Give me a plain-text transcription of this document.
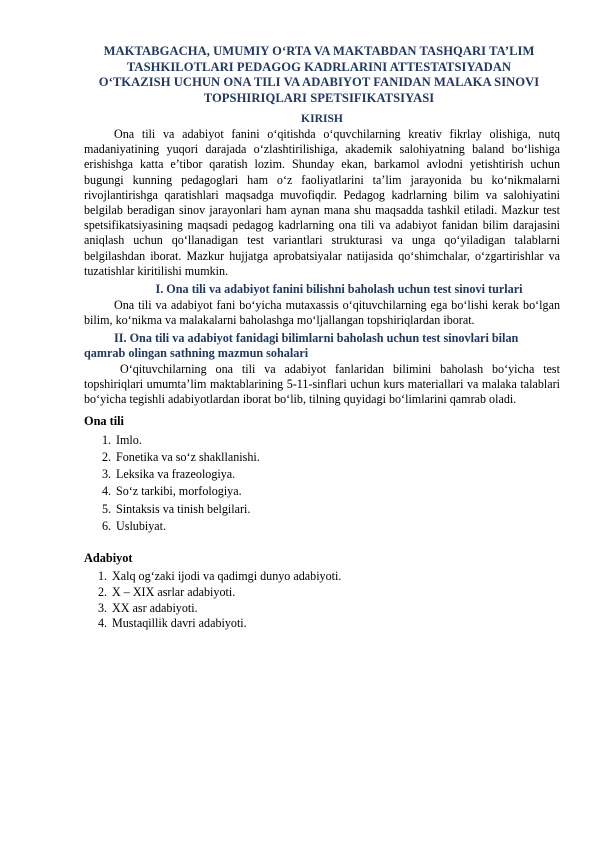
MAKTABGACHA, UMUMIY O‘RTA VA MAKTABDAN TASHQARI TA’LIM
TASHKILOTLARI PEDAGOG KADRLARINI ATTESTATSIYADAN
O‘TKAZISH UCHUN ONA TILI VA ADABIYOT FANIDAN MALAKA SINOVI
TOPSHIRIQLARI SPETSIFIKATSIYASI
KIRISH

Ona tili va adabiyot fanini o‘qitishda o‘quvchilarning kreativ fikrlay olishiga, nutq madaniyatining yuqori darajada o‘zlashtirilishiga, akademik salohiyatning baland bo‘lishiga erishishga katta e’tibor qaratish lozim. Shunday ekan, barkamol avlodni yetishtirish uchun bugungi kunning pedagoglari ham o‘z faoliyatlarini ta’lim jarayonida bu ko‘nikmalarni rivojlantirishga qaratishlari maqsadga muvofiqdir. Pedagog kadrlarning bilim va salohiyatini belgilab beradigan sinov jarayonlari ham aynan mana shu maqsadda tashkil etiladi. Mazkur test spetsifikatsiyasining maqsadi pedagog kadrlarning ona tili va adabiyot fanidan bilim darajasini aniqlash uchun qo‘llanadigan test variantlari strukturasi va unga qo‘yiladigan talablarni belgilashdan iborat. Mazkur hujjatga aprobatsiyalar natijasida qo‘shimchalar, o‘zgartirishlar va tuzatishlar kiritilishi mumkin.

I. Ona tili va adabiyot fanini bilishni baholash uchun test sinovi turlari

Ona tili va adabiyot fani bo‘yicha mutaxassis o‘qituvchilarning ega bo‘lishi kerak bo‘lgan bilim, ko‘nikma va malakalarni baholashga mo‘ljallangan topshiriqlardan iborat.

II. Ona tili va adabiyot fanidagi bilimlarni baholash uchun test sinovlari bilan qamrab olingan sathning mazmun sohalari

O‘qituvchilarning ona tili va adabiyot fanlaridan bilimini baholash bo‘yicha test topshiriqlari umumta’lim maktablarining 5-11-sinflari uchun kurs materiallari va malaka talablari bo‘yicha tegishli adabiyotlardan iborat bo‘lib, tilning quyidagi bo‘limlarini qamrab oladi.

Ona tili
1. Imlo.
2. Fonetika va so‘z shakllanishi.
3. Leksika va frazeologiya.
4. So‘z tarkibi, morfologiya.
5. Sintaksis va tinish belgilari.
6. Uslubiyat.
Adabiyot
1. Xalq og‘zaki ijodi va qadimgi dunyo adabiyoti.
2. X – XIX asrlar adabiyoti.
3. XX asr adabiyoti.
4. Mustaqillik davri adabiyoti.
